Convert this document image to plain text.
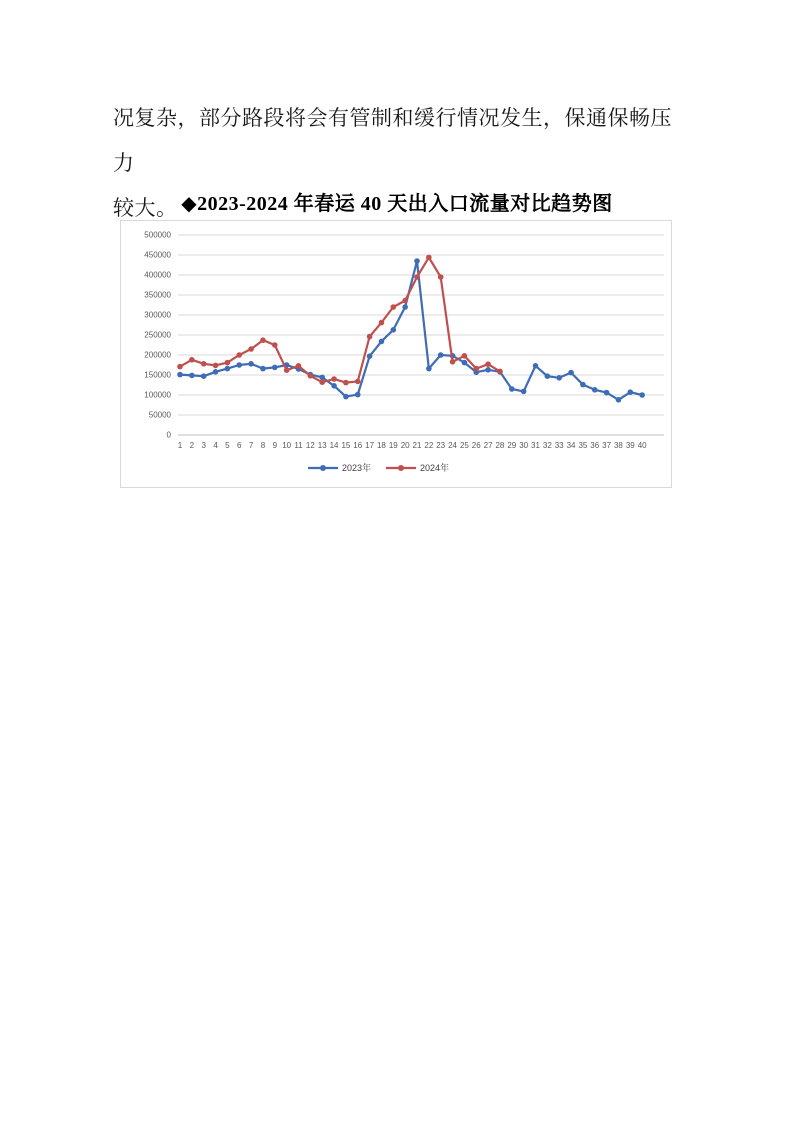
况复杂，部分路段将会有管制和缓行情况发生，保通保畅压力
较大。 ◆2023-2024 年春运 40 天出入口流量对比趋势图
0
50000
100000
150000
200000
250000
300000
350000
400000
450000
500000
1 2 3 4 5 6 7 8 9 10 11 12 13 14 15 16 17 18 19 20 21 22 23 24 25 26 27 28 29 30 31 32 33 34 35 36 37 38 39 40
2023年	2024年
